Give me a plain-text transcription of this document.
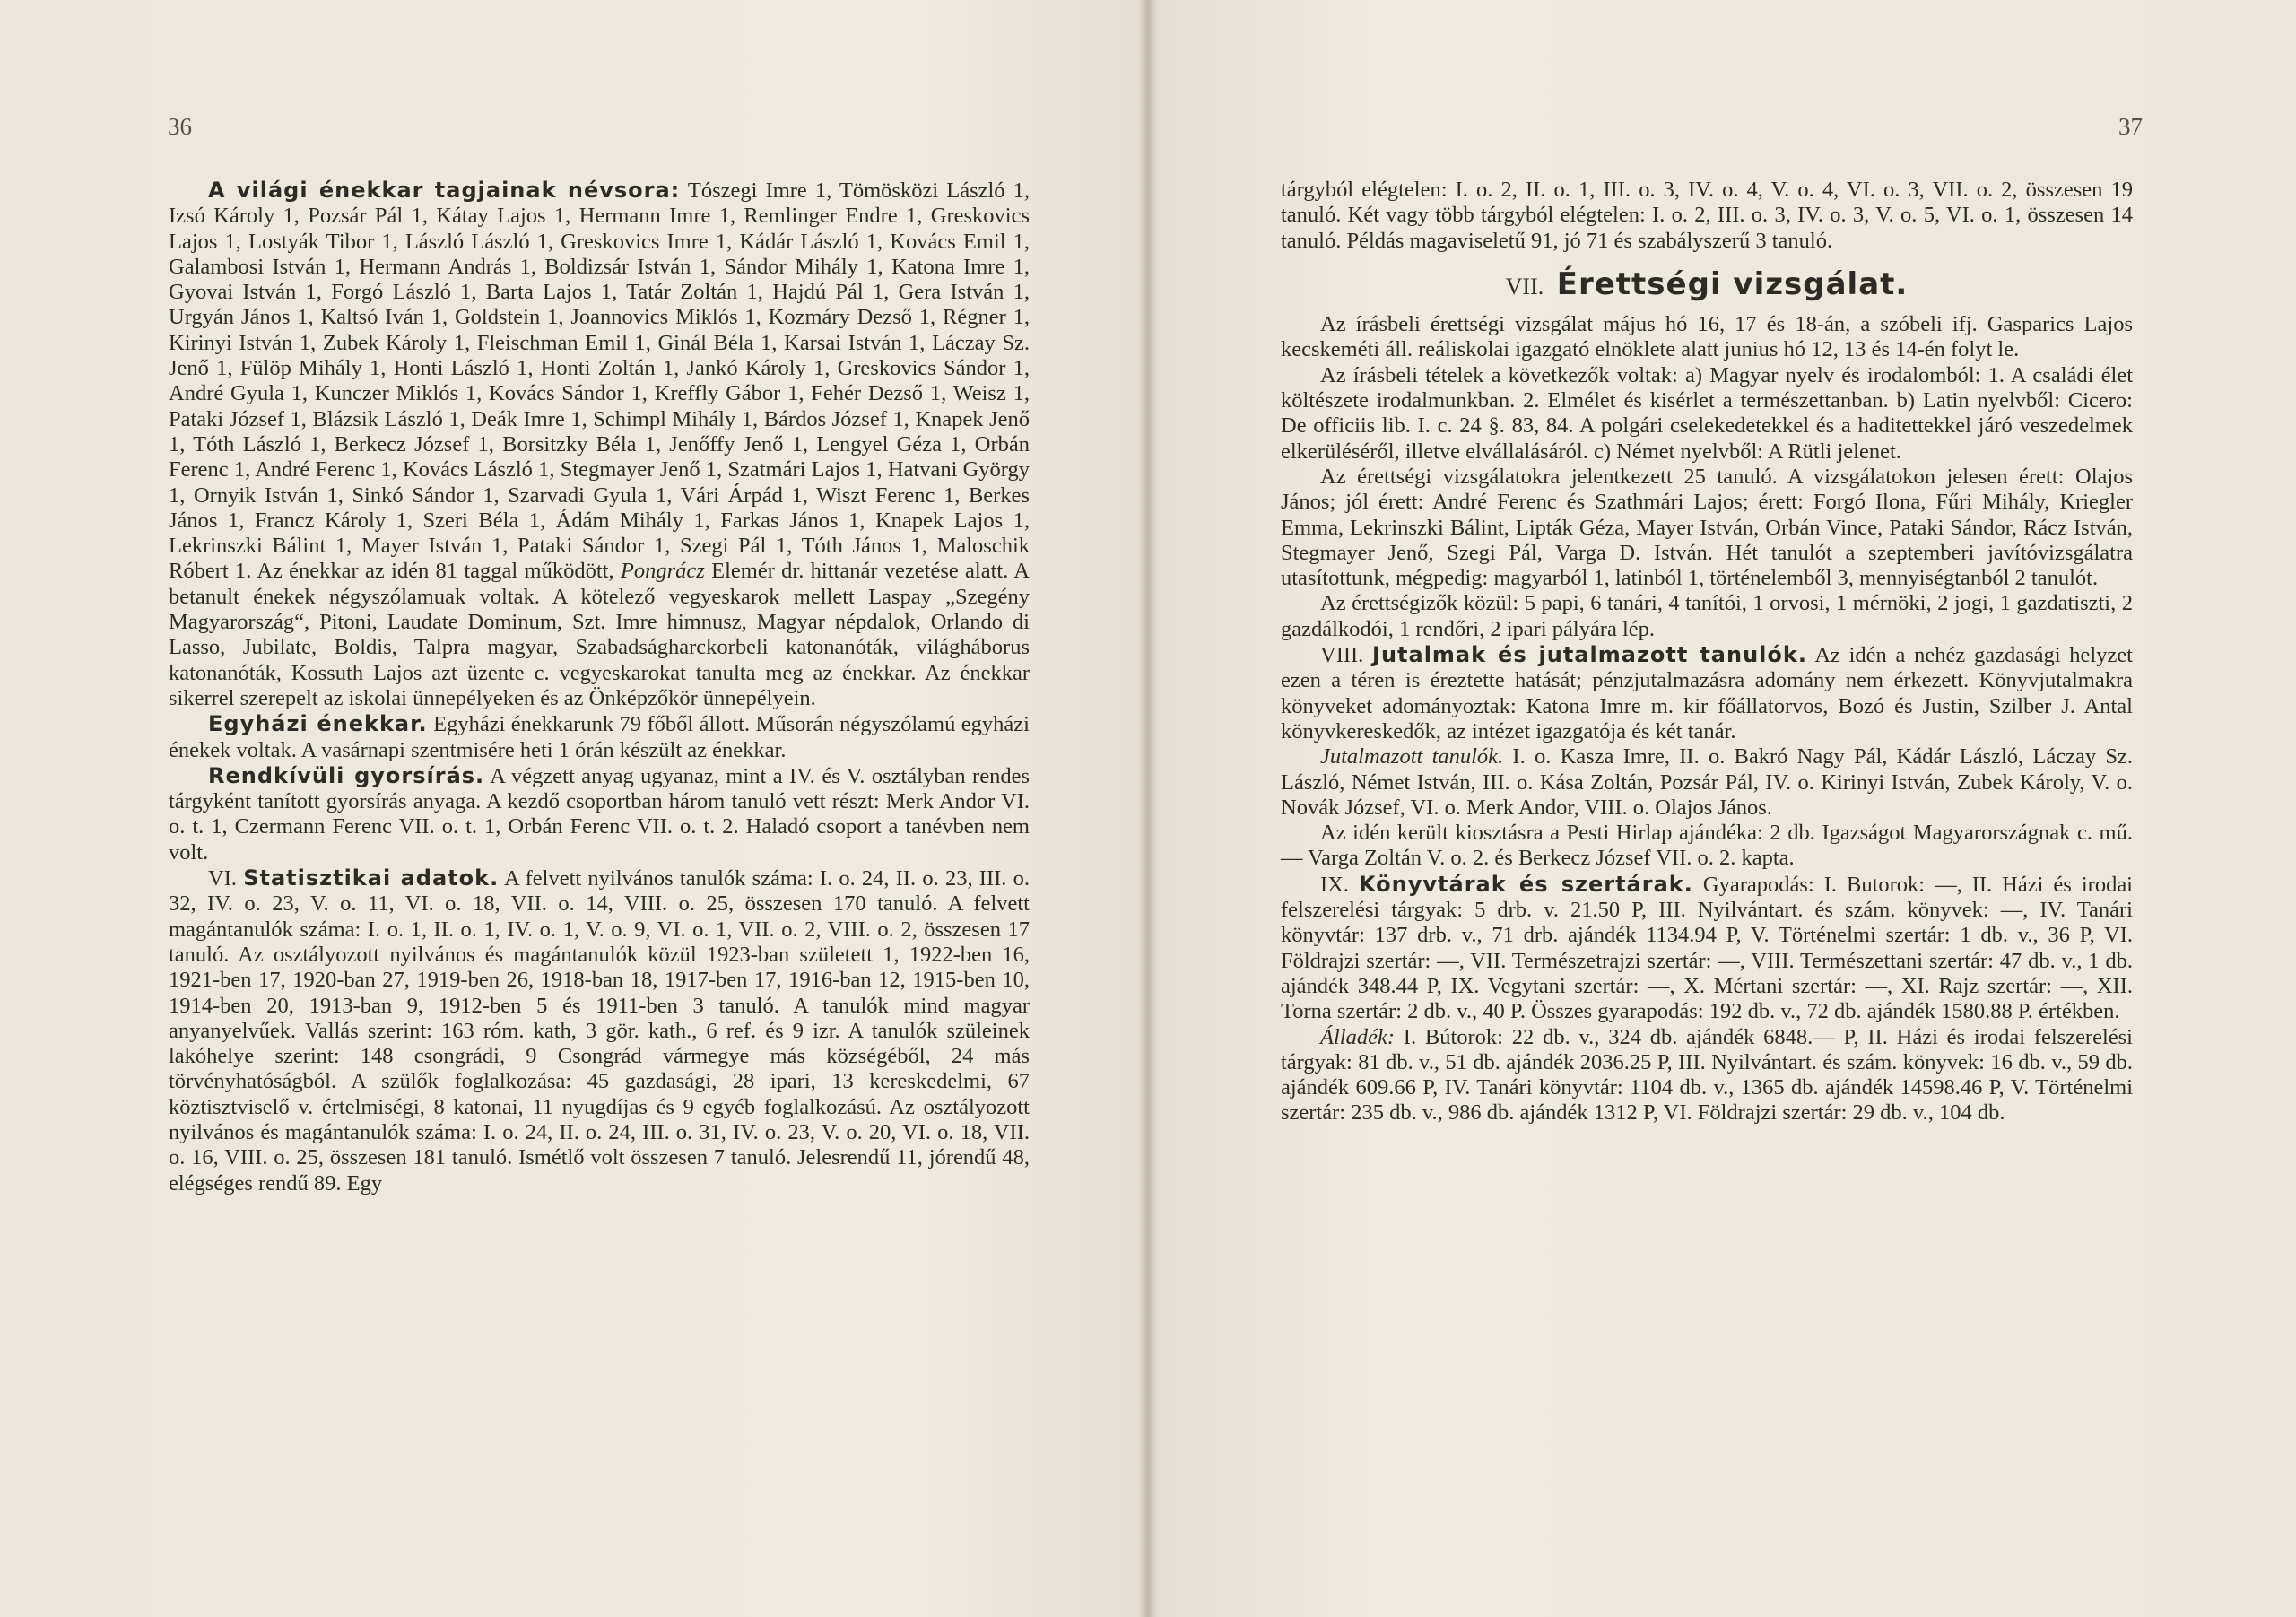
36

A világi énekkar tagjainak névsora: Tószegi Imre 1, Tömösközi László 1, Izsó Károly 1, Pozsár Pál 1, Kátay Lajos 1, Hermann Imre 1, Remlinger Endre 1, Greskovics Lajos 1, Lostyák Tibor 1, László László 1, Greskovics Imre 1, Kádár László 1, Kovács Emil 1, Galambosi István 1, Hermann András 1, Boldizsár István 1, Sándor Mihály 1, Katona Imre 1, Gyovai István 1, Forgó László 1, Barta Lajos 1, Tatár Zoltán 1, Hajdú Pál 1, Gera István 1, Urgyán János 1, Kaltsó Iván 1, Goldstein 1, Joannovics Miklós 1, Kozmáry Dezső 1, Régner 1, Kirinyi István 1, Zubek Károly 1, Fleischman Emil 1, Ginál Béla 1, Karsai István 1, Láczay Sz. Jenő 1, Fülöp Mihály 1, Honti László 1, Honti Zoltán 1, Jankó Károly 1, Greskovics Sándor 1, André Gyula 1, Kunczer Miklós 1, Kovács Sándor 1, Kreffly Gábor 1, Fehér Dezső 1, Weisz 1, Pataki József 1, Blázsik László 1, Deák Imre 1, Schimpl Mihály 1, Bárdos József 1, Knapek Jenő 1, Tóth László 1, Berkecz József 1, Borsitzky Béla 1, Jenőffy Jenő 1, Lengyel Géza 1, Orbán Ferenc 1, André Ferenc 1, Kovács László 1, Stegmayer Jenő 1, Szatmári Lajos 1, Hatvani György 1, Ornyik István 1, Sinkó Sándor 1, Szarvadi Gyula 1, Vári Árpád 1, Wiszt Ferenc 1, Berkes János 1, Francz Károly 1, Szeri Béla 1, Ádám Mihály 1, Farkas János 1, Knapek Lajos 1, Lekrinszki Bálint 1, Mayer István 1, Pataki Sándor 1, Szegi Pál 1, Tóth János 1, Maloschik Róbert 1. Az énekkar az idén 81 taggal működött, Pongrácz Elemér dr. hittanár vezetése alatt. A betanult énekek négyszólamuak voltak. A kötelező vegyeskarok mellett Laspay „Szegény Magyarország“, Pitoni, Laudate Dominum, Szt. Imre himnusz, Magyar népdalok, Orlando di Lasso, Jubilate, Boldis, Talpra magyar, Szabadságharckorbeli katonanóták, világháborus katonanóták, Kossuth Lajos azt üzente c. vegyeskarokat tanulta meg az énekkar. Az énekkar sikerrel szerepelt az iskolai ünnepélyeken és az Önképzőkör ünnepélyein.

Egyházi énekkar. Egyházi énekkarunk 79 főből állott. Műsorán négyszólamú egyházi énekek voltak. A vasárnapi szentmisére heti 1 órán készült az énekkar.

Rendkívüli gyorsírás. A végzett anyag ugyanaz, mint a IV. és V. osztályban rendes tárgyként tanított gyorsírás anyaga. A kezdő csoportban három tanuló vett részt: Merk Andor VI. o. t. 1, Czermann Ferenc VII. o. t. 1, Orbán Ferenc VII. o. t. 2. Haladó csoport a tanévben nem volt.

VI. Statisztikai adatok. A felvett nyilvános tanulók száma: I. o. 24, II. o. 23, III. o. 32, IV. o. 23, V. o. 11, VI. o. 18, VII. o. 14, VIII. o. 25, összesen 170 tanuló. A felvett magántanulók száma: I. o. 1, II. o. 1, IV. o. 1, V. o. 9, VI. o. 1, VII. o. 2, VIII. o. 2, összesen 17 tanuló. Az osztályozott nyilvános és magántanulók közül 1923-ban született 1, 1922-ben 16, 1921-ben 17, 1920-ban 27, 1919-ben 26, 1918-ban 18, 1917-ben 17, 1916-ban 12, 1915-ben 10, 1914-ben 20, 1913-ban 9, 1912-ben 5 és 1911-ben 3 tanuló. A tanulók mind magyar anyanyelvűek. Vallás szerint: 163 róm. kath, 3 gör. kath., 6 ref. és 9 izr. A tanulók szüleinek lakóhelye szerint: 148 csongrádi, 9 Csongrád vármegye más községéből, 24 más törvényhatóságból. A szülők foglalkozása: 45 gazdasági, 28 ipari, 13 kereskedelmi, 67 köztisztviselő v. értelmiségi, 8 katonai, 11 nyugdíjas és 9 egyéb foglalkozású. Az osztályozott nyilvános és magántanulók száma: I. o. 24, II. o. 24, III. o. 31, IV. o. 23, V. o. 20, VI. o. 18, VII. o. 16, VIII. o. 25, összesen 181 tanuló. Ismétlő volt összesen 7 tanuló. Jelesrendű 11, jórendű 48, elégséges rendű 89. Egy

37

tárgyból elégtelen: I. o. 2, II. o. 1, III. o. 3, IV. o. 4, V. o. 4, VI. o. 3, VII. o. 2, összesen 19 tanuló. Két vagy több tárgyból elégtelen: I. o. 2, III. o. 3, IV. o. 3, V. o. 5, VI. o. 1, összesen 14 tanuló. Példás magaviseletű 91, jó 71 és szabályszerű 3 tanuló.

VII. Érettségi vizsgálat.

Az írásbeli érettségi vizsgálat május hó 16, 17 és 18-án, a szóbeli ifj. Gasparics Lajos kecskeméti áll. reáliskolai igazgató elnöklete alatt junius hó 12, 13 és 14-én folyt le.

Az írásbeli tételek a következők voltak: a) Magyar nyelv és irodalomból: 1. A családi élet költészete irodalmunkban. 2. Elmélet és kisérlet a természettanban. b) Latin nyelvből: Cicero: De officiis lib. I. c. 24 §. 83, 84. A polgári cselekedetekkel és a haditettekkel járó veszedelmek elkerüléséről, illetve elvállalásáról. c) Német nyelvből: A Rütli jelenet.

Az érettségi vizsgálatokra jelentkezett 25 tanuló. A vizsgálatokon jelesen érett: Olajos János; jól érett: André Ferenc és Szathmári Lajos; érett: Forgó Ilona, Fűri Mihály, Kriegler Emma, Lekrinszki Bálint, Lipták Géza, Mayer István, Orbán Vince, Pataki Sándor, Rácz István, Stegmayer Jenő, Szegi Pál, Varga D. István. Hét tanulót a szeptemberi javítóvizsgálatra utasítottunk, mégpedig: magyarból 1, latinból 1, történelemből 3, mennyiségtanból 2 tanulót.

Az érettségizők közül: 5 papi, 6 tanári, 4 tanítói, 1 orvosi, 1 mérnöki, 2 jogi, 1 gazdatiszti, 2 gazdálkodói, 1 rendőri, 2 ipari pályára lép.

VIII. Jutalmak és jutalmazott tanulók. Az idén a nehéz gazdasági helyzet ezen a téren is éreztette hatását; pénzjutalmazásra adomány nem érkezett. Könyvjutalmakra könyveket adományoztak: Katona Imre m. kir főállatorvos, Bozó és Justin, Szilber J. Antal könyvkereskedők, az intézet igazgatója és két tanár.

Jutalmazott tanulók. I. o. Kasza Imre, II. o. Bakró Nagy Pál, Kádár László, Láczay Sz. László, Német István, III. o. Kása Zoltán, Pozsár Pál, IV. o. Kirinyi István, Zubek Károly, V. o. Novák József, VI. o. Merk Andor, VIII. o. Olajos János.

Az idén került kiosztásra a Pesti Hirlap ajándéka: 2 db. Igazságot Magyarországnak c. mű. — Varga Zoltán V. o. 2. és Berkecz József VII. o. 2. kapta.

IX. Könyvtárak és szertárak. Gyarapodás: I. Butorok: —, II. Házi és irodai felszerelési tárgyak: 5 drb. v. 21.50 P, III. Nyilvántart. és szám. könyvek: —, IV. Tanári könyvtár: 137 drb. v., 71 drb. ajándék 1134.94 P, V. Történelmi szertár: 1 db. v., 36 P, VI. Földrajzi szertár: —, VII. Természetrajzi szertár: —, VIII. Természettani szertár: 47 db. v., 1 db. ajándék 348.44 P, IX. Vegytani szertár: —, X. Mértani szertár: —, XI. Rajz szertár: —, XII. Torna szertár: 2 db. v., 40 P. Összes gyarapodás: 192 db. v., 72 db. ajándék 1580.88 P. értékben.

Álladék: I. Bútorok: 22 db. v., 324 db. ajándék 6848.— P, II. Házi és irodai felszerelési tárgyak: 81 db. v., 51 db. ajándék 2036.25 P, III. Nyilvántart. és szám. könyvek: 16 db. v., 59 db. ajándék 609.66 P, IV. Tanári könyvtár: 1104 db. v., 1365 db. ajándék 14598.46 P, V. Történelmi szertár: 235 db. v., 986 db. ajándék 1312 P, VI. Földrajzi szertár: 29 db. v., 104 db.
